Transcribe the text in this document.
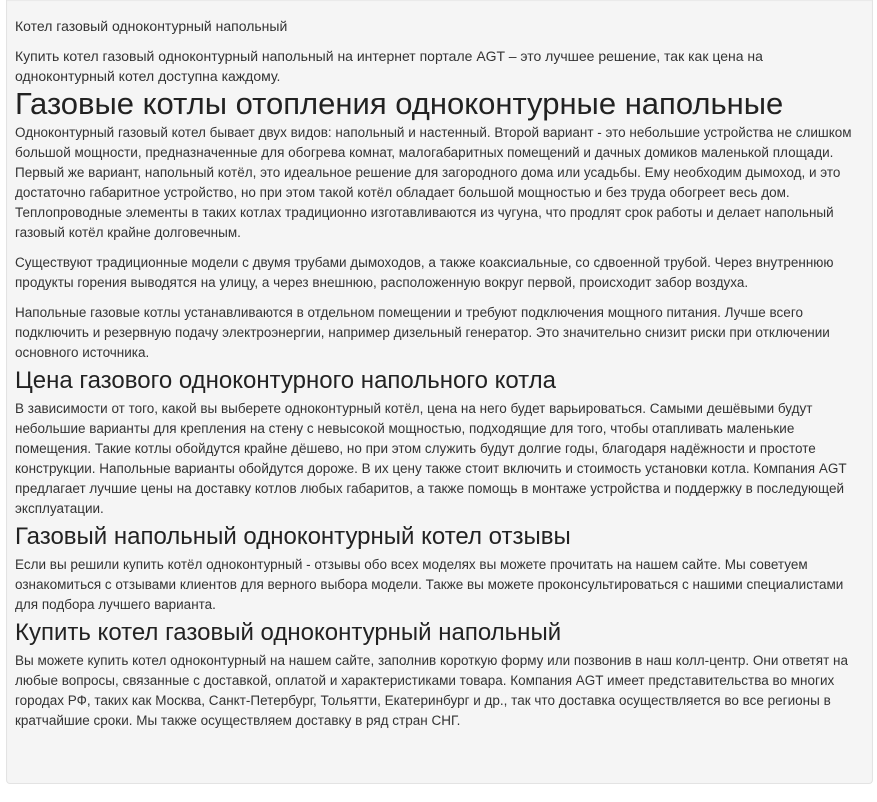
Котел газовый одноконтурный напольный
Купить котел газовый одноконтурный напольный на интернет портале AGT – это лучшее решение, так как цена на одноконтурный котел доступна каждому.
Газовые котлы отопления одноконтурные напольные

Одноконтурный газовый котел бывает двух видов: напольный и настенный. Второй вариант - это небольшие устройства не слишком большой мощности, предназначенные для обогрева комнат, малогабаритных помещений и дачных домиков маленькой площади. Первый же вариант, напольный котёл, это идеальное решение для загородного дома или усадьбы. Ему необходим дымоход, и это достаточно габаритное устройство, но при этом такой котёл обладает большой мощностью и без труда обогреет весь дом. Теплопроводные элементы в таких котлах традиционно изготавливаются из чугуна, что продлят срок работы и делает напольный газовый котёл крайне долговечным.

Существуют традиционные модели с двумя трубами дымоходов, а также коаксиальные, со сдвоенной трубой. Через внутреннюю продукты горения выводятся на улицу, а через внешнюю, расположенную вокруг первой, происходит забор воздуха.

Напольные газовые котлы устанавливаются в отдельном помещении и требуют подключения мощного питания. Лучше всего подключить и резервную подачу электроэнергии, например дизельный генератор. Это значительно снизит риски при отключении основного источника.

Цена газового одноконтурного напольного котла

В зависимости от того, какой вы выберете одноконтурный котёл, цена на него будет варьироваться. Самыми дешёвыми будут небольшие варианты для крепления на стену с невысокой мощностью, подходящие для того, чтобы отапливать маленькие помещения. Такие котлы обойдутся крайне дёшево, но при этом служить будут долгие годы, благодаря надёжности и простоте конструкции. Напольные варианты обойдутся дороже. В их цену также стоит включить и стоимость установки котла. Компания AGT предлагает лучшие цены на доставку котлов любых габаритов, а также помощь в монтаже устройства и поддержку в последующей эксплуатации.

Газовый напольный одноконтурный котел отзывы

Если вы решили купить котёл одноконтурный - отзывы обо всех моделях вы можете прочитать на нашем сайте. Мы советуем ознакомиться с отзывами клиентов для верного выбора модели. Также вы можете проконсультироваться с нашими специалистами для подбора лучшего варианта.

Купить котел газовый одноконтурный напольный

Вы можете купить котел одноконтурный на нашем сайте, заполнив короткую форму или позвонив в наш колл-центр. Они ответят на любые вопросы, связанные с доставкой, оплатой и характеристиками товара. Компания AGT имеет представительства во многих городах РФ, таких как Москва, Санкт-Петербург, Тольятти, Екатеринбург и др., так что доставка осуществляется во все регионы в кратчайшие сроки. Мы также осуществляем доставку в ряд стран СНГ.
